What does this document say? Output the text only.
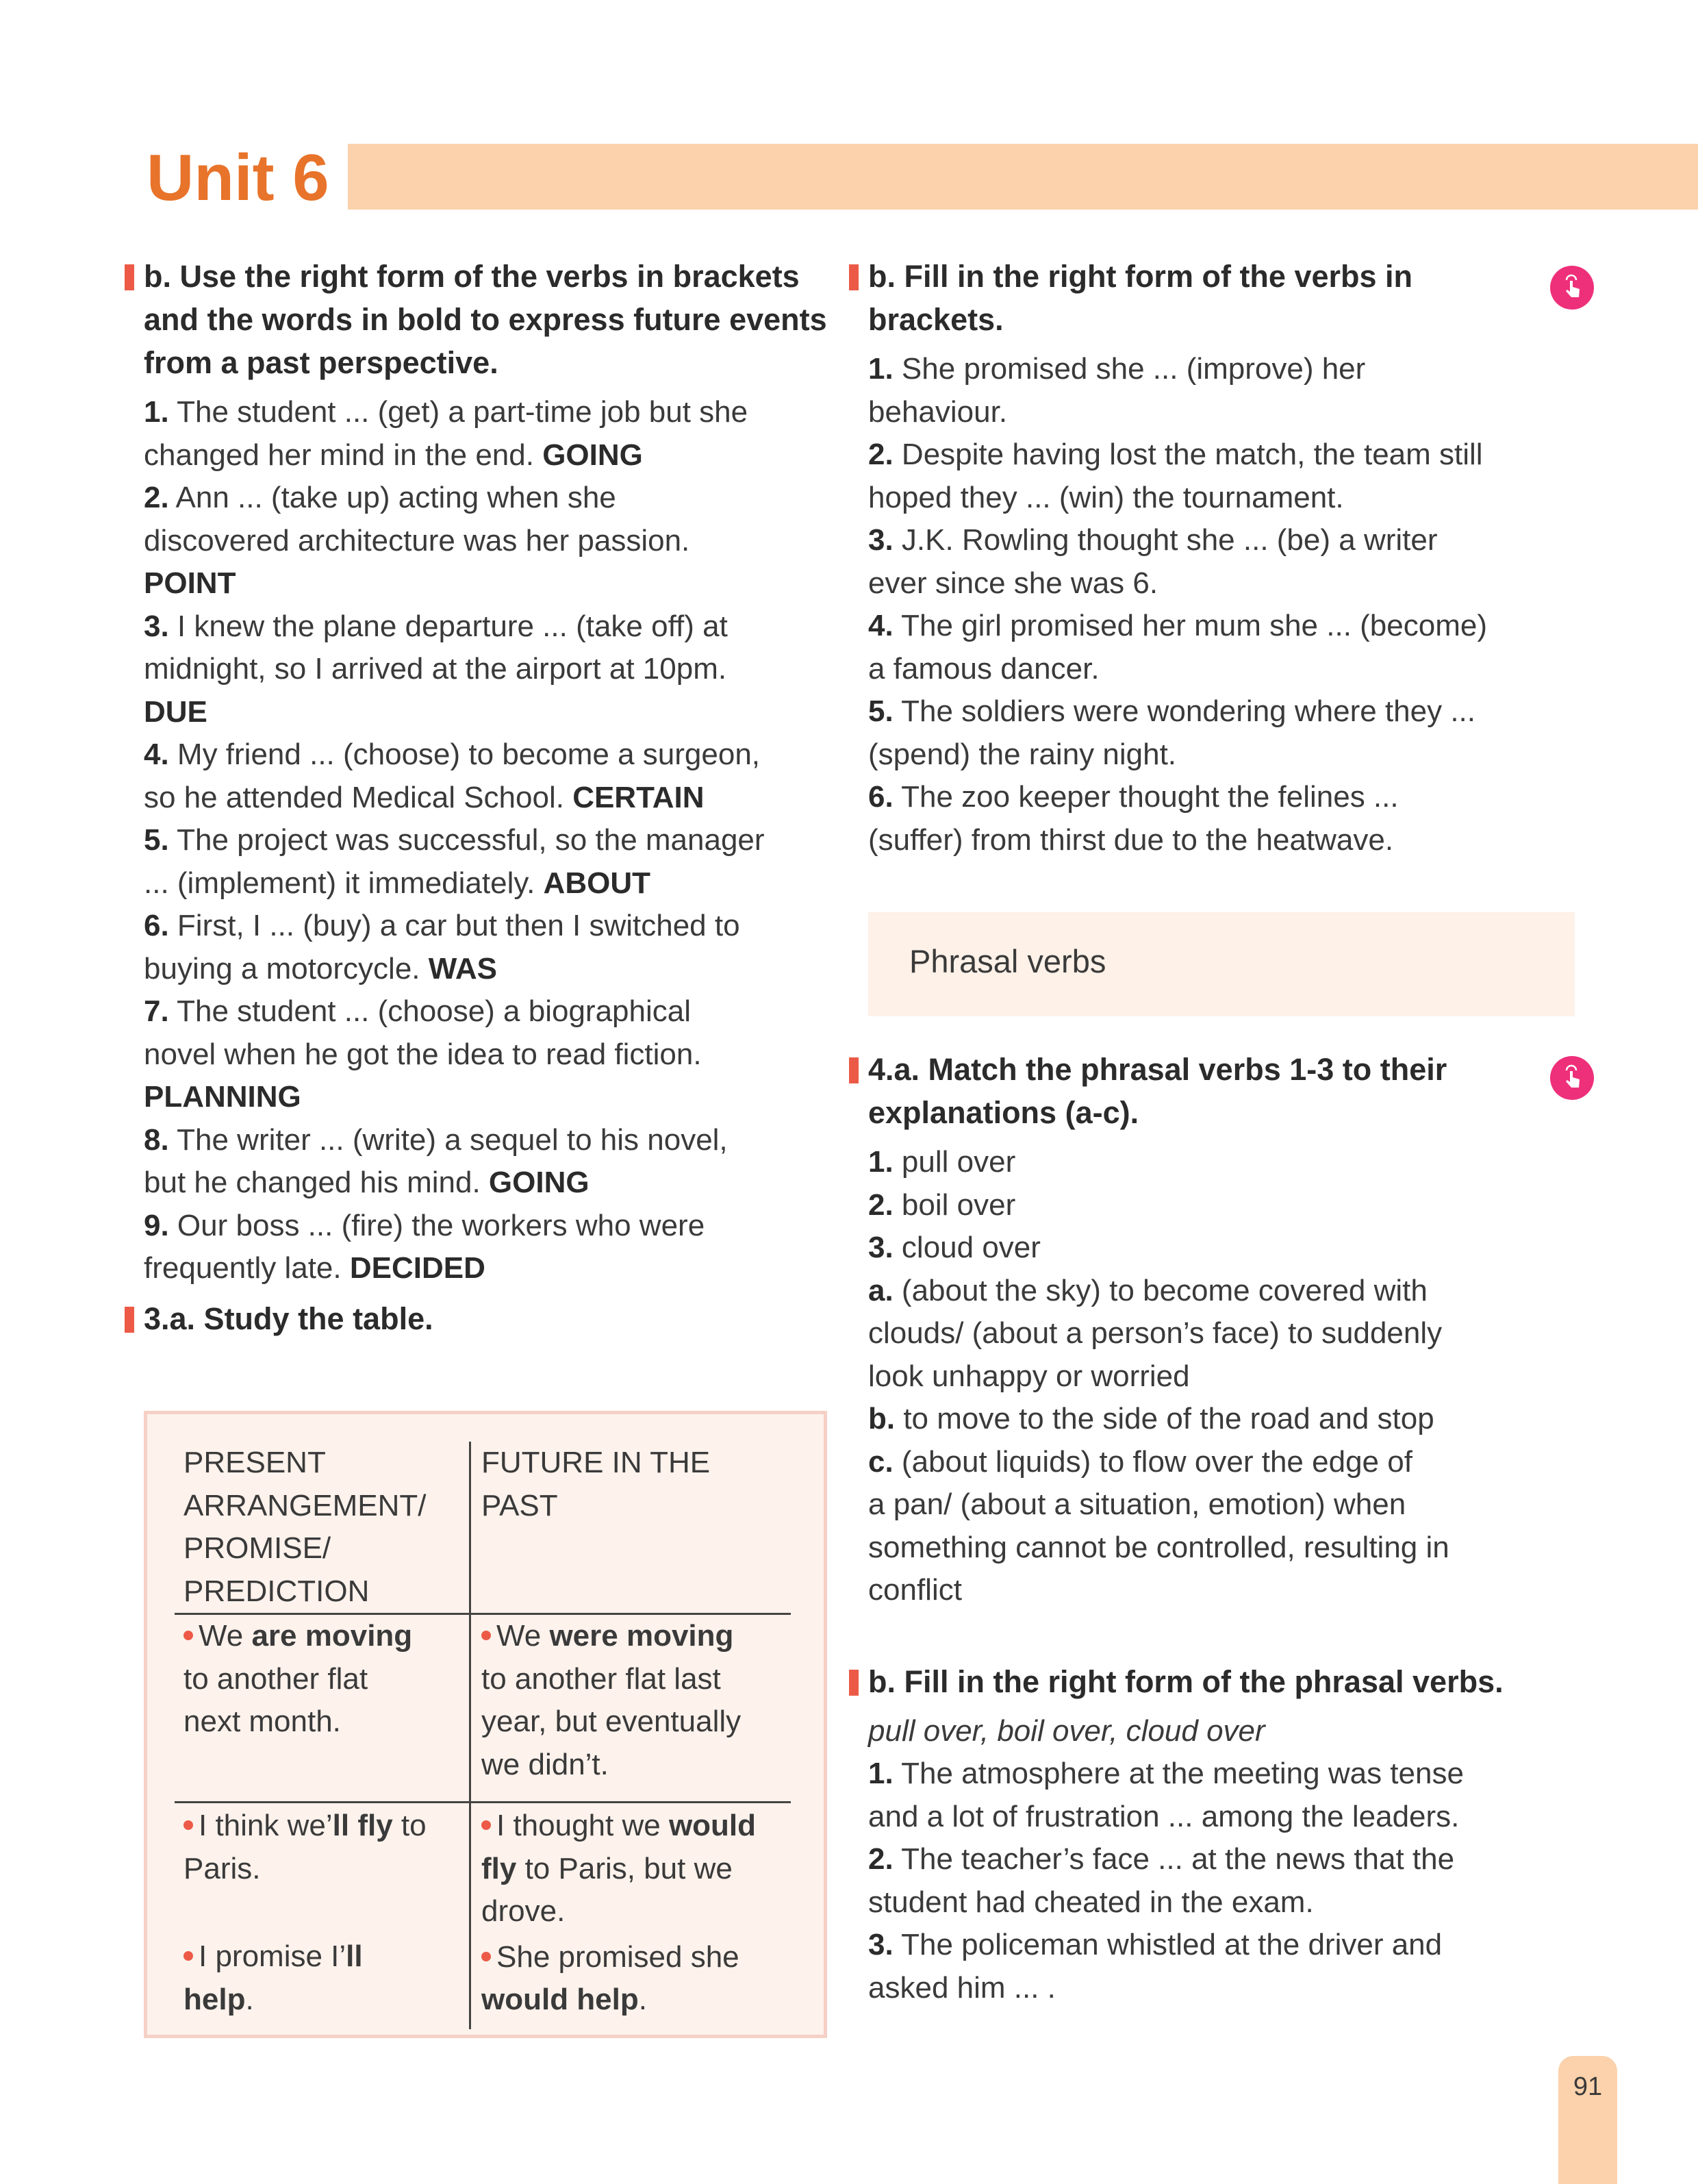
Unit 6
b. Use the right form of the verbs in brackets and the words in bold to express future events from a past perspective.
1. The student ... (get) a part-time job but she
changed her mind in the end. GOING
2. Ann ... (take up) acting when she
discovered architecture was her passion.
POINT
3. I knew the plane departure ... (take off) at
midnight, so I arrived at the airport at 10pm.
DUE
4. My friend ... (choose) to become a surgeon,
so he attended Medical School. CERTAIN
5. The project was successful, so the manager
... (implement) it immediately. ABOUT
6. First, I ... (buy) a car but then I switched to
buying a motorcycle. WAS
7. The student ... (choose) a biographical
novel when he got the idea to read fiction.
PLANNING
8. The writer ... (write) a sequel to his novel,
but he changed his mind. GOING
9. Our boss ... (fire) the workers who were
frequently late. DECIDED
3.a. Study the table.
PRESENT
ARRANGEMENT/
PROMISE/
PREDICTION
FUTURE IN THE
PAST
We are moving
to another flat
next month.
We were moving
to another flat last
year, but eventually
we didn’t.
I think we’ll fly to
Paris.
I promise I’ll
help.
I thought we would
fly to Paris, but we
drove.
She promised she
would help.
b. Fill in the right form of the verbs in brackets.
1. She promised she ... (improve) her
behaviour.
2. Despite having lost the match, the team still
hoped they ... (win) the tournament.
3. J.K. Rowling thought she ... (be) a writer
ever since she was 6.
4. The girl promised her mum she ... (become)
a famous dancer.
5. The soldiers were wondering where they ...
(spend) the rainy night.
6. The zoo keeper thought the felines ...
(suffer) from thirst due to the heatwave.
Phrasal verbs
4.a. Match the phrasal verbs 1-3 to their explanations (a-c).
1. pull over
2. boil over
3. cloud over
a. (about the sky) to become covered with
clouds/ (about a person’s face) to suddenly
look unhappy or worried
b. to move to the side of the road and stop
c. (about liquids) to flow over the edge of
a pan/ (about a situation, emotion) when
something cannot be controlled, resulting in
conflict
b. Fill in the right form of the phrasal verbs.
pull over, boil over, cloud over
1. The atmosphere at the meeting was tense
and a lot of frustration ... among the leaders.
2. The teacher’s face ... at the news that the
student had cheated in the exam.
3. The policeman whistled at the driver and
asked him ... .
91
